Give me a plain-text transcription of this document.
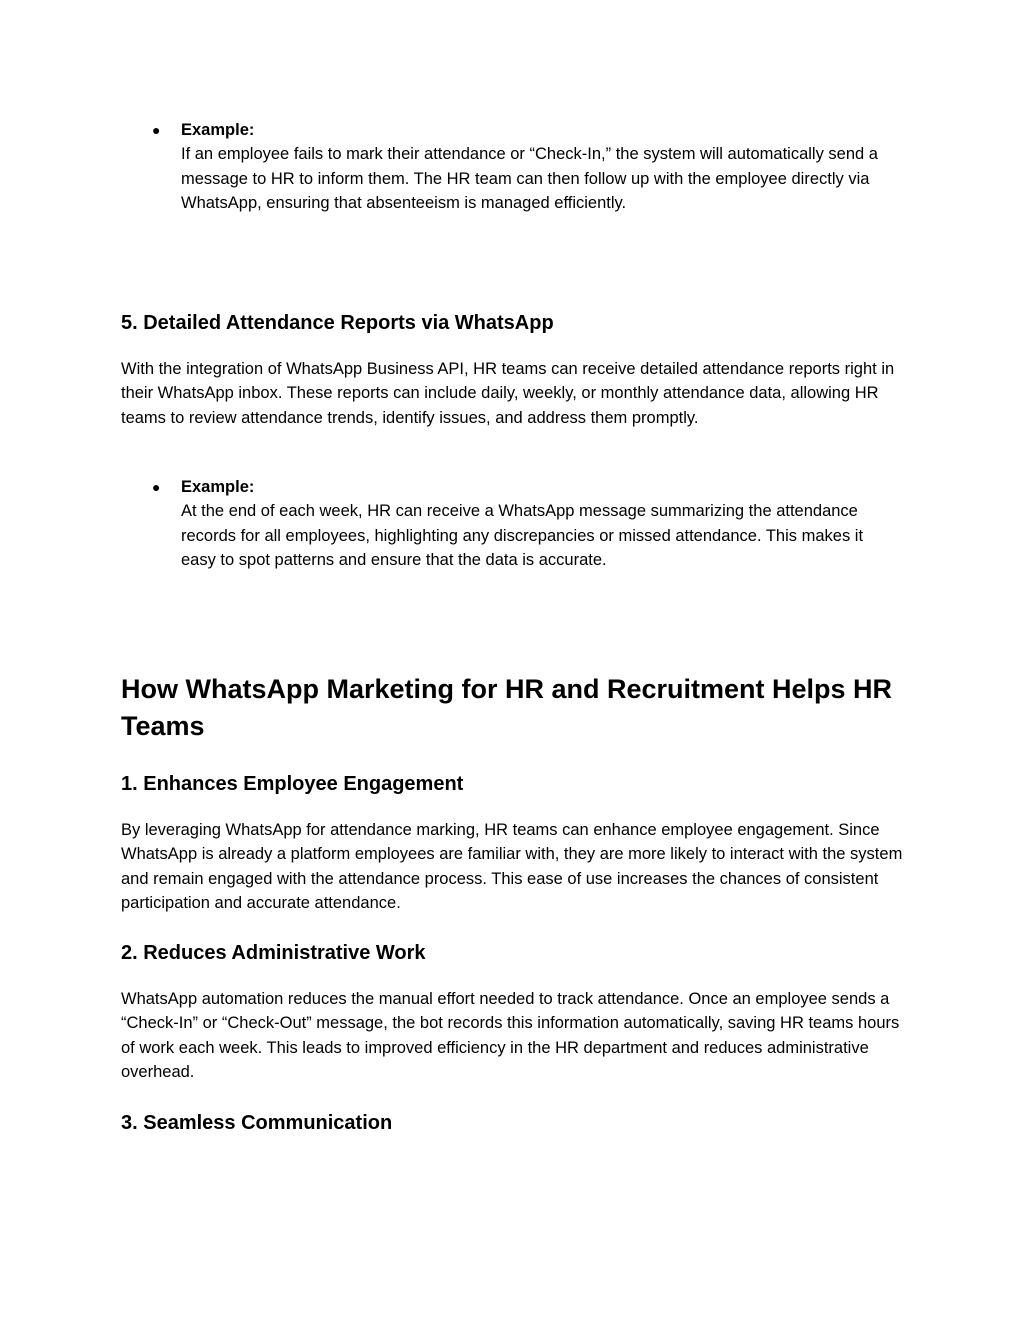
● Example:
If an employee fails to mark their attendance or “Check-In,” the system will automatically send a message to HR to inform them. The HR team can then follow up with the employee directly via WhatsApp, ensuring that absenteeism is managed efficiently.
5. Detailed Attendance Reports via WhatsApp

With the integration of WhatsApp Business API, HR teams can receive detailed attendance reports right in their WhatsApp inbox. These reports can include daily, weekly, or monthly attendance data, allowing HR teams to review attendance trends, identify issues, and address them promptly.

● Example:
At the end of each week, HR can receive a WhatsApp message summarizing the attendance records for all employees, highlighting any discrepancies or missed attendance. This makes it easy to spot patterns and ensure that the data is accurate.
How WhatsApp Marketing for HR and Recruitment Helps HR Teams
1. Enhances Employee Engagement

By leveraging WhatsApp for attendance marking, HR teams can enhance employee engagement. Since WhatsApp is already a platform employees are familiar with, they are more likely to interact with the system and remain engaged with the attendance process. This ease of use increases the chances of consistent participation and accurate attendance.

2. Reduces Administrative Work

WhatsApp automation reduces the manual effort needed to track attendance. Once an employee sends a “Check-In” or “Check-Out” message, the bot records this information automatically, saving HR teams hours of work each week. This leads to improved efficiency in the HR department and reduces administrative overhead.

3. Seamless Communication
